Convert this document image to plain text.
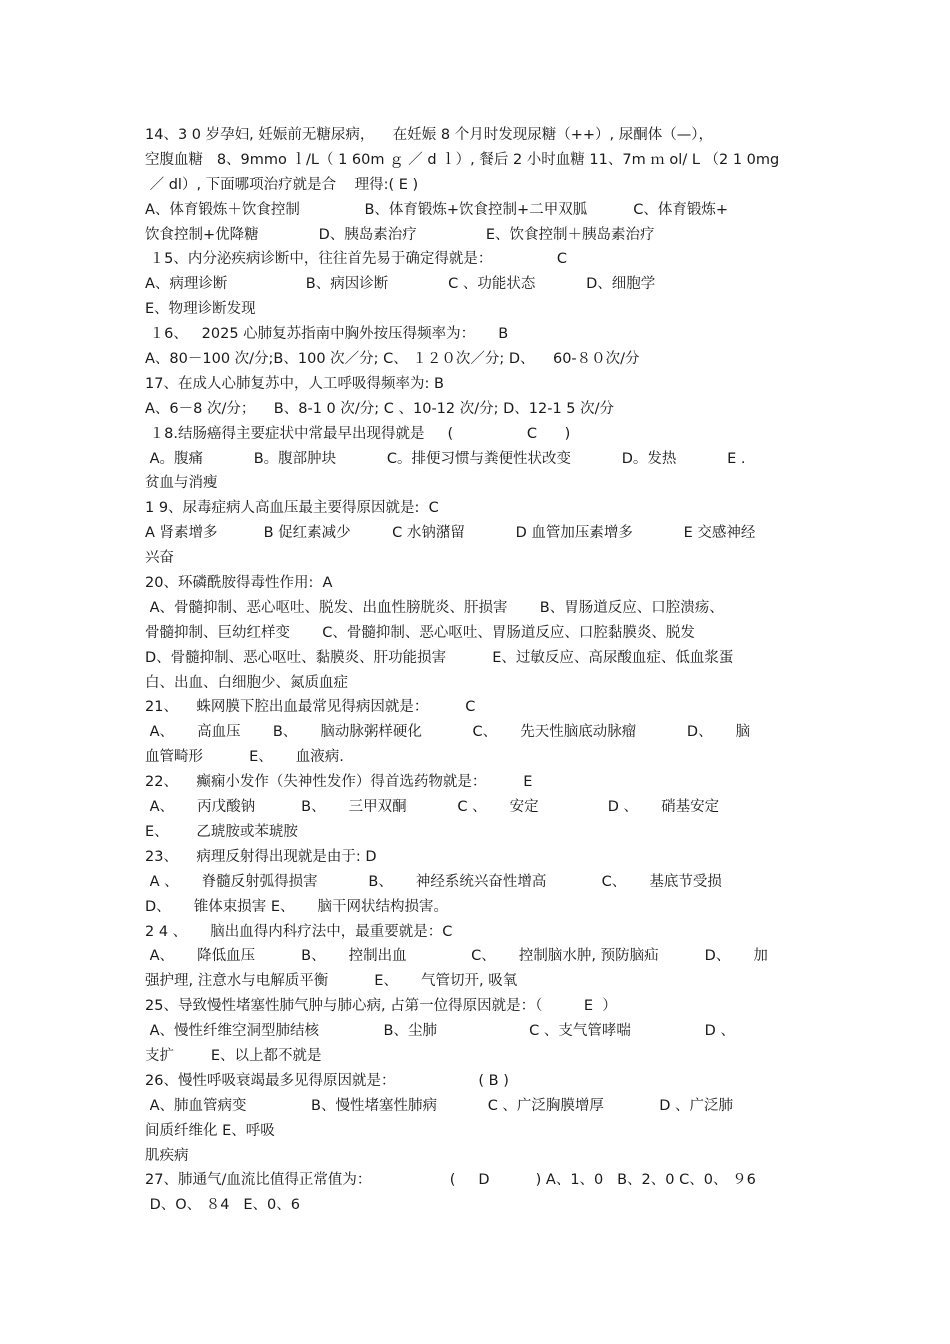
14、3 0 岁孕妇, 妊娠前无糖尿病，    在妊娠 8 个月时发现尿糖（++）, 尿酮体（—），
空腹血糖   8、9mmo ｌ/L（ 1 60m ｇ ／ d ｌ）, 餐后 2 小时血糖 11、7m ｍ ol/ L （2 1 0mg
／ dl）, 下面哪项治疗就是合    理得:( E )
A、体育锻炼＋饮食控制              B、体育锻炼+饮食控制+二甲双胍          C、体育锻炼+
饮食控制+优降糖             D、胰岛素治疗               E、饮食控制＋胰岛素治疗
１5、内分泌疾病诊断中，往往首先易于确定得就是：              C
A、病理诊断                 B、病因诊断             C 、功能状态           D、细胞学
E、物理诊断发现
１6、   2025 心肺复苏指南中胸外按压得频率为：     B
A、80－100 次/分;B、100 次／分; C、 １２０次／分; D、    60-８０次/分
17、在成人心肺复苏中，人工呼吸得频率为: B
A、6－8 次/分；    B、8-1 0 次/分; C 、10-12 次/分; D、12-1 5 次/分
１8.结肠癌得主要症状中常最早出现得就是     (                C      )
A。腹痛           B。腹部肿块           C。排便习惯与粪便性状改变           D。发热           E .
贫血与消瘦
1 9、尿毒症病人高血压最主要得原因就是:  C
A 肾素增多          B 促红素减少         C 水钠潴留           D 血管加压素增多           E 交感神经
兴奋
20、环磷酰胺得毒性作用:  A
A、骨髓抑制、恶心呕吐、脱发、出血性膀胱炎、肝损害       B、胃肠道反应、口腔溃疡、
骨髓抑制、巨幼红样变       C、骨髓抑制、恶心呕吐、胃肠道反应、口腔黏膜炎、脱发
D、骨髓抑制、恶心呕吐、黏膜炎、肝功能损害          E、过敏反应、高尿酸血症、低血浆蛋
白、出血、白细胞少、氮质血症
21、    蛛网膜下腔出血最常见得病因就是：        C
A、     高血压       B、     脑动脉粥样硬化           C、     先天性脑底动脉瘤           D、     脑
血管畸形          E、     血液病.
22、    癫痫小发作（失神性发作）得首选药物就是：        E
A、     丙戊酸钠          B、     三甲双酮           C 、     安定               D 、     硝基安定
E、      乙琥胺或苯琥胺
23、    病理反射得出现就是由于: D
A 、     脊髓反射弧得损害           B、     神经系统兴奋性增高            C、     基底节受损
D、     锥体束损害 E、     脑干网状结构损害。
2 4 、     脑出血得内科疗法中，最重要就是：C
A、     降低血压          B、     控制出血              C、     控制脑水肿, 预防脑疝          D、     加
强护理, 注意水与电解质平衡          E、     气管切开, 吸氧
25、导致慢性堵塞性肺气肿与肺心病, 占第一位得原因就是：（         E  ）
A、慢性纤维空洞型肺结核              B、尘肺                    C 、支气管哮喘                D 、
支扩        E、以上都不就是
26、慢性呼吸衰竭最多见得原因就是：                  ( B )
A、肺血管病变              B、慢性堵塞性肺病           C 、广泛胸膜增厚            D 、广泛肺
间质纤维化 E、呼吸
肌疾病
27、肺通气/血流比值得正常值为：                 (     D          ) A、1、0   B、2、0 C、0、 ９6
D、O、 ８4   E、0、6
